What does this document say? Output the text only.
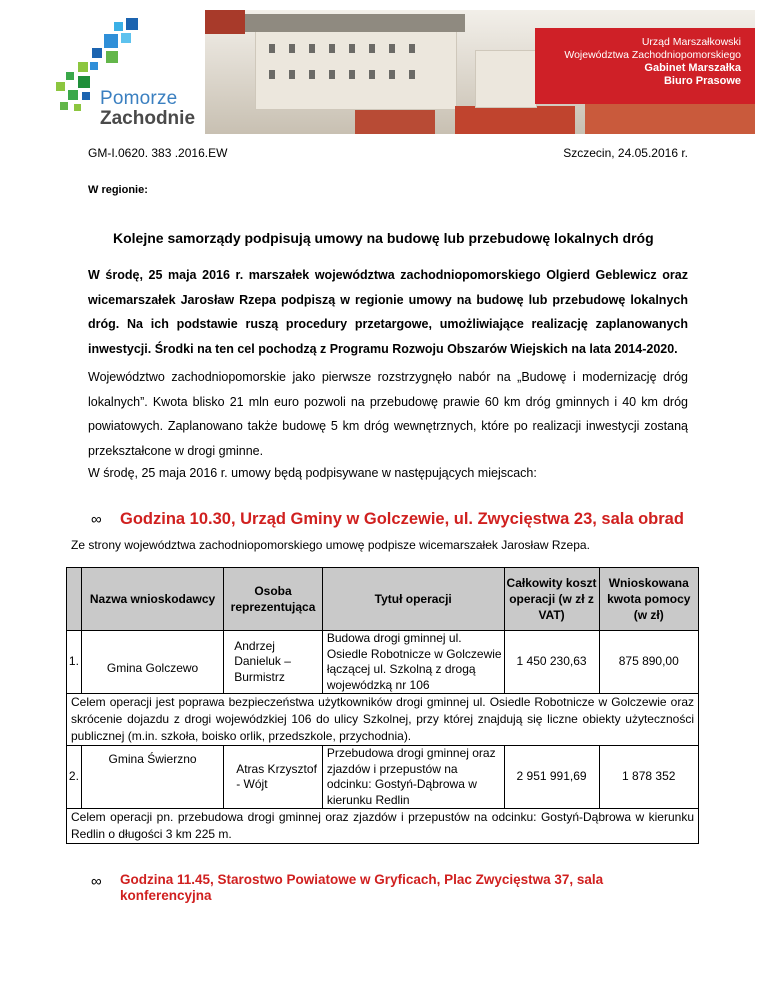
Pomorze
Zachodnie
Urząd Marszałkowski
Województwa Zachodniopomorskiego
Gabinet Marszałka
Biuro Prasowe
GM-I.0620. 383 .2016.EW	Szczecin, 24.05.2016 r.
W regionie:
Kolejne samorządy podpisują umowy na budowę lub przebudowę lokalnych dróg
W środę, 25 maja 2016 r. marszałek województwa zachodniopomorskiego Olgierd Geblewicz oraz wicemarszałek Jarosław Rzepa podpiszą w regionie umowy na budowę lub przebudowę lokalnych dróg. Na ich podstawie ruszą procedury przetargowe, umożliwiające realizację zaplanowanych inwestycji. Środki na ten cel pochodzą z Programu Rozwoju Obszarów Wiejskich na lata 2014-2020.
Województwo zachodniopomorskie jako pierwsze rozstrzygnęło nabór na „Budowę i modernizację dróg lokalnych”. Kwota blisko 21 mln euro pozwoli na przebudowę prawie 60 km dróg gminnych i 40 km dróg powiatowych. Zaplanowano także budowę 5 km dróg wewnętrznych, które po realizacji inwestycji zostaną przekształcone w drogi gminne.
W środę, 25 maja 2016 r. umowy będą podpisywane w następujących miejscach:
∞ Godzina 10.30, Urząd Gminy w Golczewie, ul. Zwycięstwa 23, sala obrad
Ze strony województwa zachodniopomorskiego umowę podpisze wicemarszałek Jarosław Rzepa.
	Nazwa wnioskodawcy	Osoba reprezentująca	Tytuł operacji	Całkowity koszt operacji (w zł z VAT)	Wnioskowana kwota pomocy (w zł)
1.	Gmina Golczewo	Andrzej Danieluk – Burmistrz	Budowa drogi gminnej ul. Osiedle Robotnicze w Golczewie łączącej ul. Szkolną z drogą wojewódzką nr 106	1 450 230,63	875 890,00
Celem operacji jest poprawa bezpieczeństwa użytkowników drogi gminnej ul. Osiedle Robotnicze w Golczewie oraz skrócenie dojazdu z drogi wojewódzkiej 106 do ulicy Szkolnej, przy której znajdują się liczne obiekty użyteczności publicznej (m.in. szkoła, boisko orlik, przedszkole, przychodnia).					
2.	Gmina Świerzno	Atras Krzysztof - Wójt	Przebudowa drogi gminnej oraz zjazdów i przepustów na odcinku: Gostyń-Dąbrowa w kierunku Redlin	2 951 991,69	1 878 352
Celem operacji pn. przebudowa drogi gminnej oraz zjazdów i przepustów na odcinku: Gostyń-Dąbrowa w kierunku Redlin o długości 3 km 225 m.					
∞ Godzina 11.45, Starostwo Powiatowe w Gryficach, Plac Zwycięstwa 37, sala konferencyjna
